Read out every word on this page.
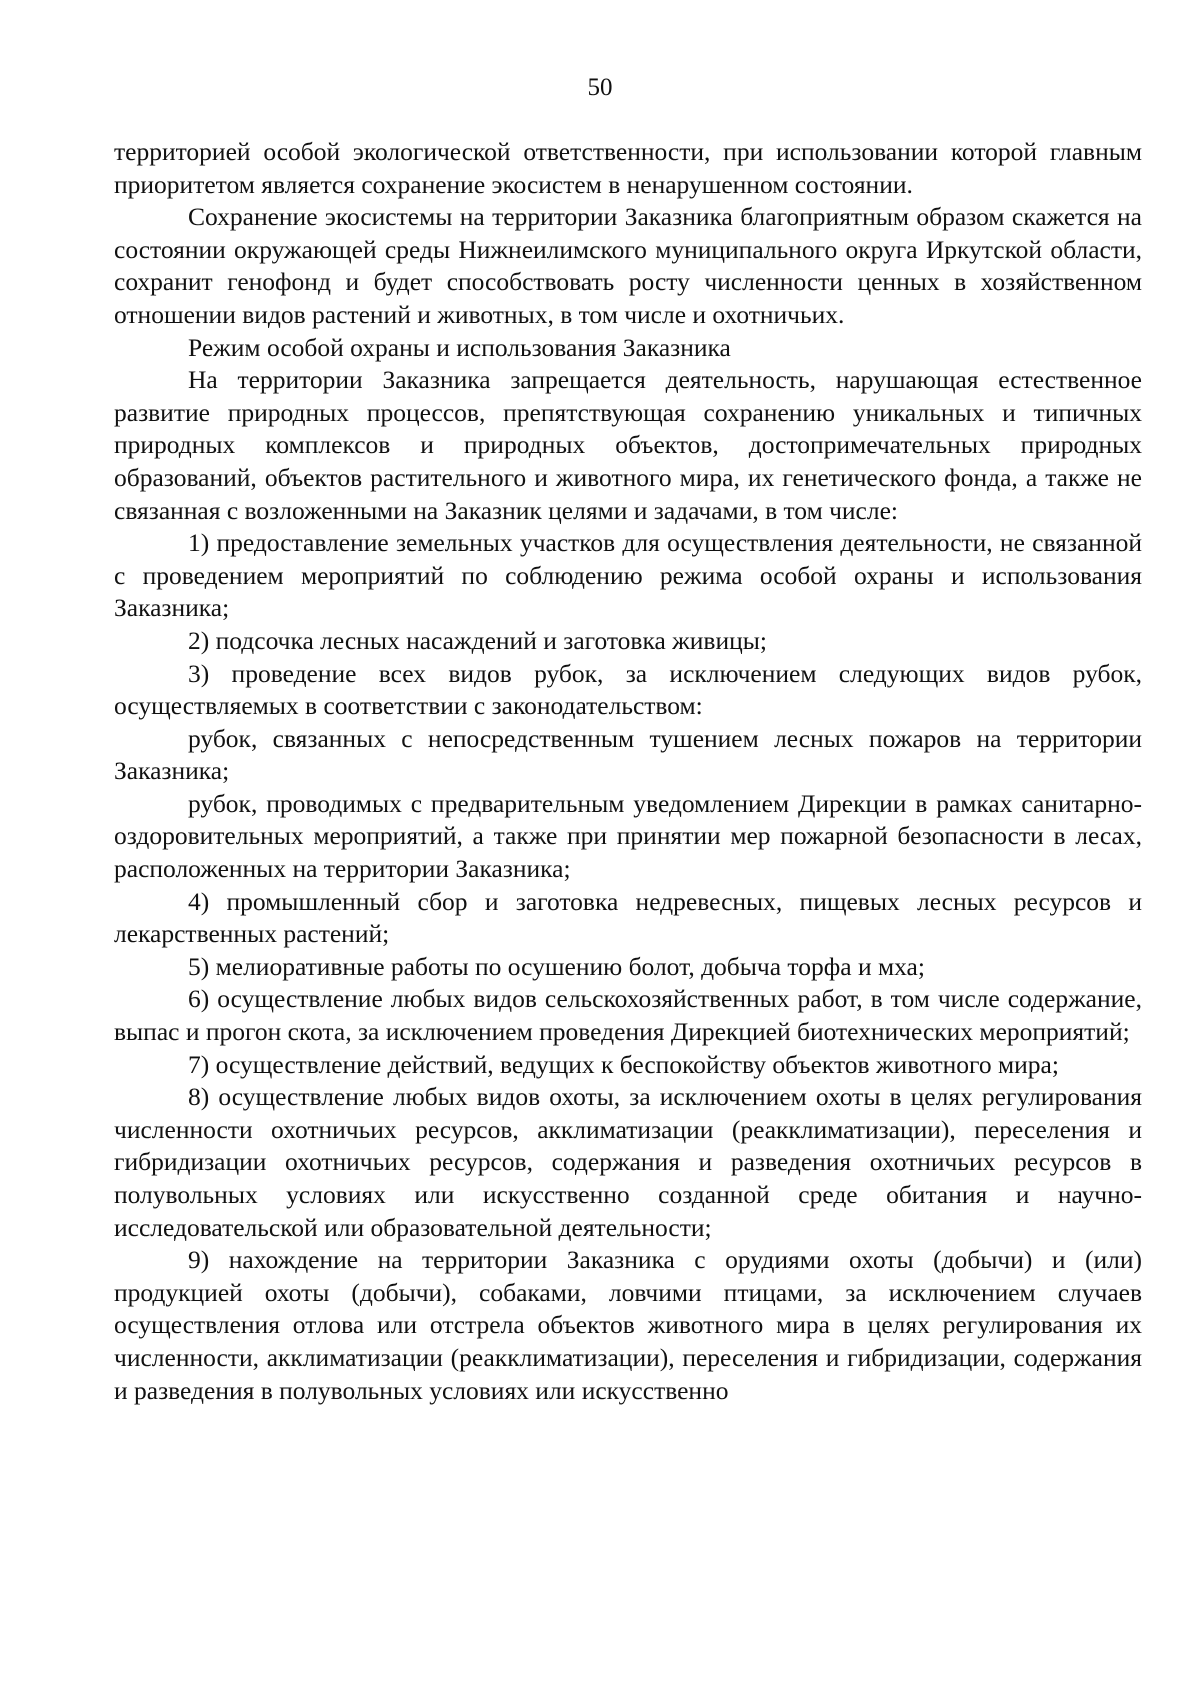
50

территорией особой экологической ответственности, при использовании которой главным приоритетом является сохранение экосистем в ненарушенном состоянии.

Сохранение экосистемы на территории Заказника благоприятным образом скажется на состоянии окружающей среды Нижнеилимского муниципального округа Иркутской области, сохранит генофонд и будет способствовать росту численности ценных в хозяйственном отношении видов растений и животных, в том числе и охотничьих.

Режим особой охраны и использования Заказника

На территории Заказника запрещается деятельность, нарушающая естественное развитие природных процессов, препятствующая сохранению уникальных и типичных природных комплексов и природных объектов, достопримечательных природных образований, объектов растительного и животного мира, их генетического фонда, а также не связанная с возложенными на Заказник целями и задачами, в том числе:

1) предоставление земельных участков для осуществления деятельности, не связанной с проведением мероприятий по соблюдению режима особой охраны и использования Заказника;

2) подсочка лесных насаждений и заготовка живицы;

3) проведение всех видов рубок, за исключением следующих видов рубок, осуществляемых в соответствии с законодательством:

рубок, связанных с непосредственным тушением лесных пожаров на территории Заказника;

рубок, проводимых с предварительным уведомлением Дирекции в рамках санитарно-оздоровительных мероприятий, а также при принятии мер пожарной безопасности в лесах, расположенных на территории Заказника;

4) промышленный сбор и заготовка недревесных, пищевых лесных ресурсов и лекарственных растений;

5) мелиоративные работы по осушению болот, добыча торфа и мха;

6) осуществление любых видов сельскохозяйственных работ, в том числе содержание, выпас и прогон скота, за исключением проведения Дирекцией биотехнических мероприятий;

7) осуществление действий, ведущих к беспокойству объектов животного мира;

8) осуществление любых видов охоты, за исключением охоты в целях регулирования численности охотничьих ресурсов, акклиматизации (реакклиматизации), переселения и гибридизации охотничьих ресурсов, содержания и разведения охотничьих ресурсов в полувольных условиях или искусственно созданной среде обитания и научно-исследовательской или образовательной деятельности;

9) нахождение на территории Заказника с орудиями охоты (добычи) и (или) продукцией охоты (добычи), собаками, ловчими птицами, за исключением случаев осуществления отлова или отстрела объектов животного мира в целях регулирования их численности, акклиматизации (реакклиматизации), переселения и гибридизации, содержания и разведения в полувольных условиях или искусственно
